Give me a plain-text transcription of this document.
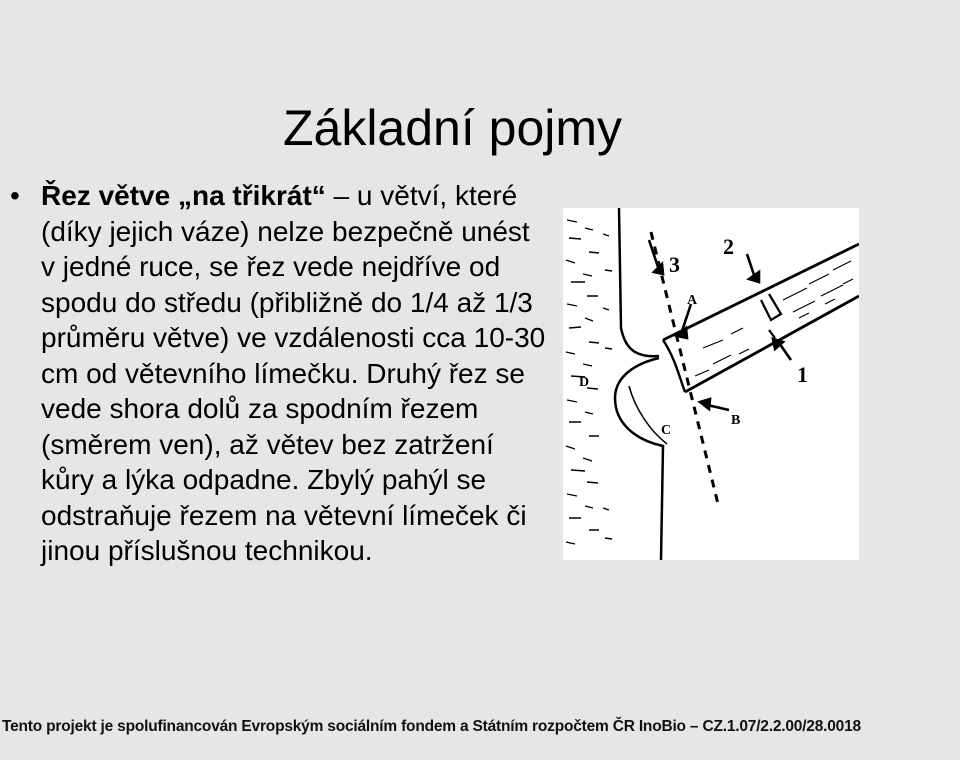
Základní pojmy
• Řez větve „na třikrát“ – u větví, které (díky jejich váze) nelze bezpečně unést v jedné ruce, se řez vede nejdříve od spodu do středu (přibližně do 1/4 až 1/3 průměru větve) ve vzdálenosti cca 10-30 cm od větevního límečku. Druhý řez se vede shora dolů za spodním řezem (směrem ven), až větev bez zatržení kůry a lýka odpadne. Zbylý pahýl se odstraňuje řezem na větevní límeček či jinou příslušnou technikou.
3
2
1
A
B
C
D
Tento projekt je spolufinancován Evropským sociálním fondem a Státním rozpočtem ČR InoBio – CZ.1.07/2.2.00/28.0018
